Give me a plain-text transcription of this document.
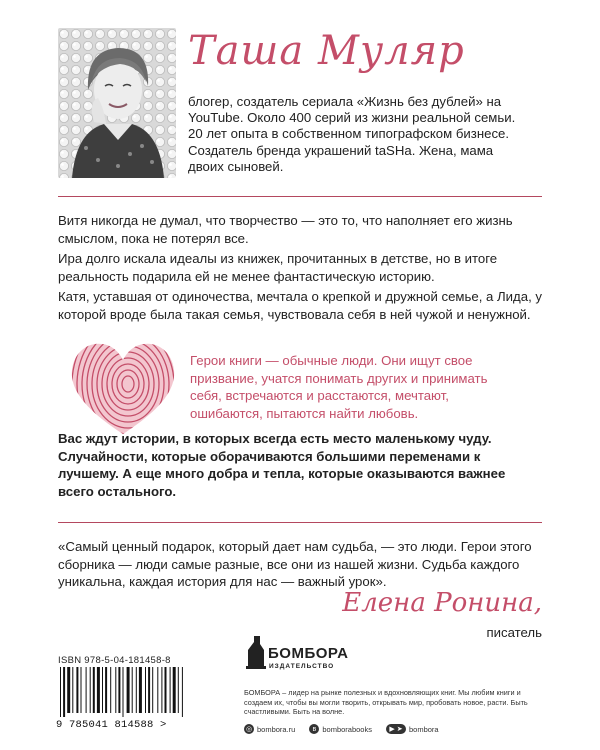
Таша Муляр
блогер, создатель сериала «Жизнь без дублей» на YouTube. Около 400 серий из жизни реальной семьи. 20 лет опыта в собственном типографском бизнесе. Создатель бренда украшений taSHa. Жена, мама двоих сыновей.

Витя никогда не думал, что творчество — это то, что наполняет его жизнь смыслом, пока не потерял все.

Ира долго искала идеалы из книжек, прочитанных в детстве, но в итоге реальность подарила ей не менее фантастическую историю.

Катя, уставшая от одиночества, мечтала о крепкой и дружной семье, а Лида, у которой вроде была такая семья, чувствовала себя в ней чужой и ненужной.

Герои книги — обычные люди. Они ищут свое призвание, учатся понимать других и принимать себя, встречаются и расстаются, мечтают, ошибаются, пытаются найти любовь.

Вас ждут истории, в которых всегда есть место маленькому чуду. Случайности, которые оборачиваются большими переменами к лучшему. А еще много добра и тепла, которые оказываются важнее всего остального.

«Самый ценный подарок, который дает нам судьба, — это люди. Герои этого сборника — люди самые разные, все они из нашей жизни. Судьба каждого уникальна, каждая история для нас — важный урок».

Елена Ронина,
писатель
ISBN 978-5-04-181458-8
9 785041 814588 >
БОМБОРА
ИЗДАТЕЛЬСТВО

БОМБОРА – лидер на рынке полезных и вдохновляющих книг. Мы любим книги и создаем их, чтобы вы могли творить, открывать мир, пробовать новое, расти. Быть счастливыми. Быть на волне.

◎ bombora.ru	в bomborabooks	▶ ➤ bombora
